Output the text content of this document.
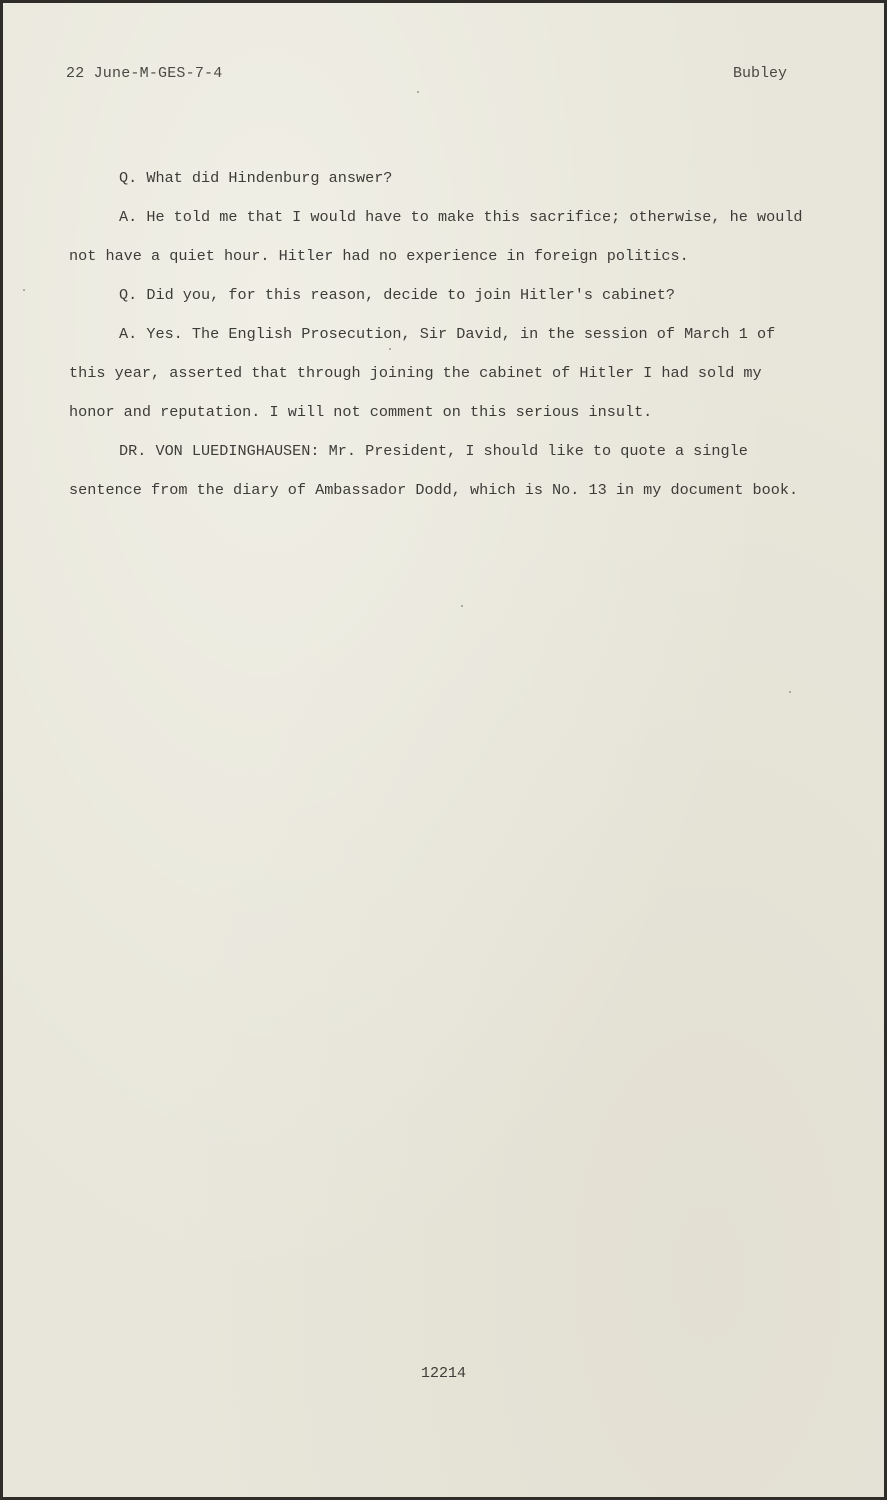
22 June-M-GES-7-4	Bubley

Q. What did Hindenburg answer?

A. He told me that I would have to make this sacrifice; otherwise, he would not have a quiet hour. Hitler had no experience in foreign politics.

Q. Did you, for this reason, decide to join Hitler's cabinet?

A. Yes. The English Prosecution, Sir David, in the session of March 1 of this year, asserted that through joining the cabinet of Hitler I had sold my honor and reputation. I will not comment on this serious insult.

DR. VON LUEDINGHAUSEN: Mr. President, I should like to quote a single sentence from the diary of Ambassador Dodd, which is No. 13 in my document book.

12214
